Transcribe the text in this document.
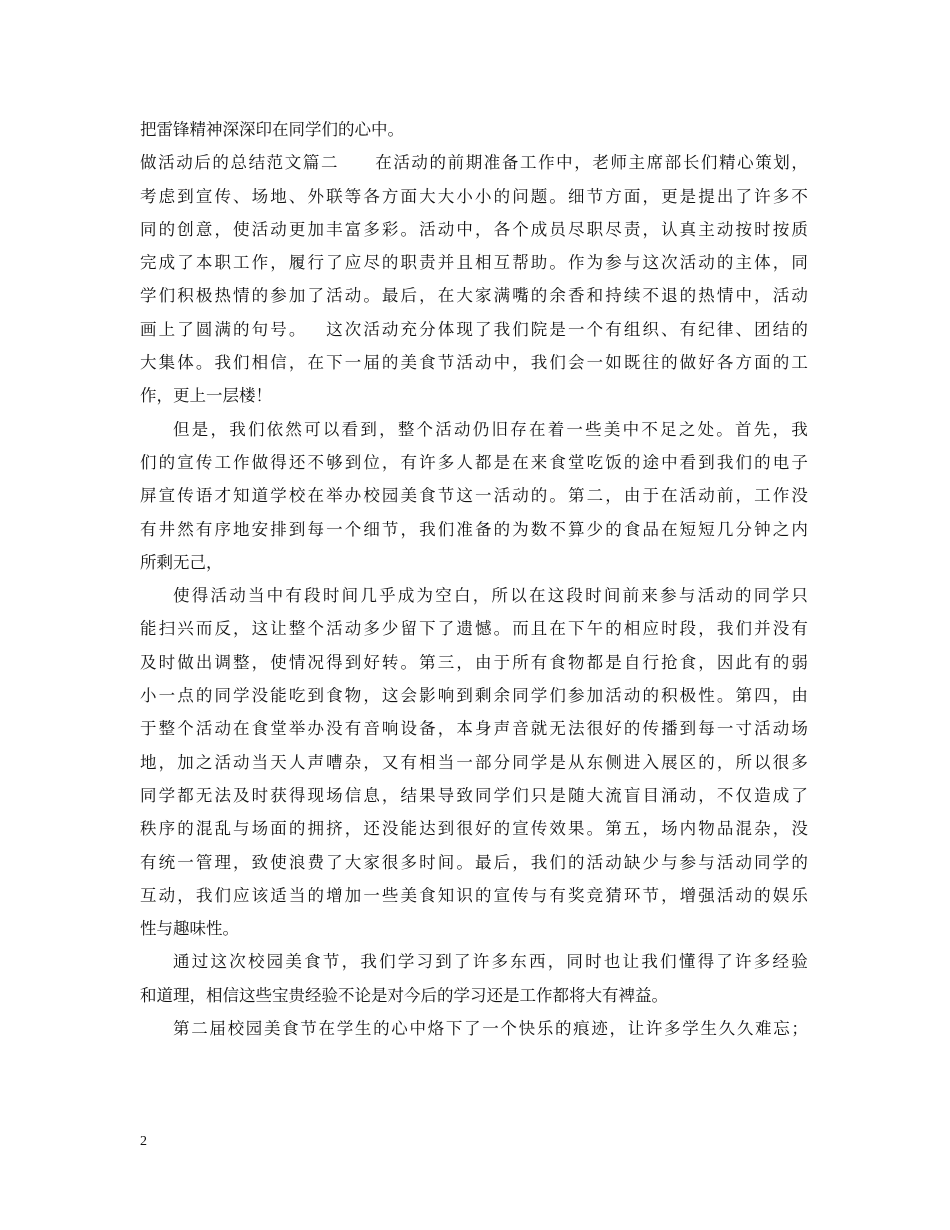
把雷锋精神深深印在同学们的心中。
做 活 动 后 的 总 结 范 文 篇 二

　 在 活 动 的 前 期 准 备 工 作 中 ， 老 师 主 席 部 长 们 精 心 策 划 ，
考 虑 到 宣 传 、 场 地 、 外 联 等 各 方 面 大 大 小 小 的 问 题 。 细 节 方 面 ， 更 是 提 出 了 许 多 不
同 的 创 意 ， 使 活 动 更 加 丰 富 多 彩 。 活 动 中 ， 各 个 成 员 尽 职 尽 责 ， 认 真 主 动 按 时 按 质
完 成 了 本 职 工 作 ， 履 行 了 应 尽 的 职 责 并 且 相 互 帮 助 。 作 为 参 与 这 次 活 动 的 主 体 ， 同
学 们 积 极 热 情 的 参 加 了 活 动 。 最 后 ， 在 大 家 满 嘴 的 余 香 和 持 续 不 退 的 热 情 中 ， 活 动
画 上 了 圆 满 的 句 号 。
　 这 次 活 动 充 分 体 现 了 我 们 院 是 一 个 有 组 织 、 有 纪 律 、 团 结 的
大 集 体 。 我 们 相 信 ， 在 下 一 届 的 美 食 节 活 动 中 ， 我 们 会 一 如 既 往 的 做 好 各 方 面 的 工
作，更上一层楼！
但 是 ， 我 们 依 然 可 以 看 到 ， 整 个 活 动 仍 旧 存 在 着 一 些 美 中 不 足 之 处 。 首 先 ， 我
们 的 宣 传 工 作 做 得 还 不 够 到 位 ， 有 许 多 人 都 是 在 来 食 堂 吃 饭 的 途 中 看 到 我 们 的 电 子
屏 宣 传 语 才 知 道 学 校 在 举 办 校 园 美 食 节 这 一 活 动 的 。 第 二 ， 由 于 在 活 动 前 ， 工 作 没
有 井 然 有 序 地 安 排 到 每 一 个 细 节 ， 我 们 准 备 的 为 数 不 算 少 的 食 品 在 短 短 几 分 钟 之 内
所剩无己，
使 得 活 动 当 中 有 段 时 间 几 乎 成 为 空 白 ， 所 以 在 这 段 时 间 前 来 参 与 活 动 的 同 学 只
能 扫 兴 而 反 ， 这 让 整 个 活 动 多 少 留 下 了 遗 憾 。 而 且 在 下 午 的 相 应 时 段 ， 我 们 并 没 有
及 时 做 出 调 整 ， 使 情 况 得 到 好 转 。 第 三 ， 由 于 所 有 食 物 都 是 自 行 抢 食 ， 因 此 有 的 弱
小 一 点 的 同 学 没 能 吃 到 食 物 ， 这 会 影 响 到 剩 余 同 学 们 参 加 活 动 的 积 极 性 。 第 四 ， 由
于 整 个 活 动 在 食 堂 举 办 没 有 音 响 设 备 ， 本 身 声 音 就 无 法 很 好 的 传 播 到 每 一 寸 活 动 场
地 ， 加 之 活 动 当 天 人 声 嘈 杂 ， 又 有 相 当 一 部 分 同 学 是 从 东 侧 进 入 展 区 的 ， 所 以 很 多
同 学 都 无 法 及 时 获 得 现 场 信 息 ， 结 果 导 致 同 学 们 只 是 随 大 流 盲 目 涌 动 ， 不 仅 造 成 了
秩 序 的 混 乱 与 场 面 的 拥 挤 ， 还 没 能 达 到 很 好 的 宣 传 效 果 。 第 五 ， 场 内 物 品 混 杂 ， 没
有 统 一 管 理 ， 致 使 浪 费 了 大 家 很 多 时 间 。 最 后 ， 我 们 的 活 动 缺 少 与 参 与 活 动 同 学 的
互 动 ， 我 们 应 该 适 当 的 增 加 一 些 美 食 知 识 的 宣 传 与 有 奖 竞 猜 环 节 ， 增 强 活 动 的 娱 乐
性与趣味性。
通 过 这 次 校 园 美 食 节 ， 我 们 学 习 到 了 许 多 东 西 ， 同 时 也 让 我 们 懂 得 了 许 多 经 验
和道理，相信这些宝贵经验不论是对今后的学习还是工作都将大有裨益。
第 二 届 校 园 美 食 节 在 学 生 的 心 中 烙 下 了 一 个 快 乐 的 痕 迹 ， 让 许 多 学 生 久 久 难 忘 ；
2
